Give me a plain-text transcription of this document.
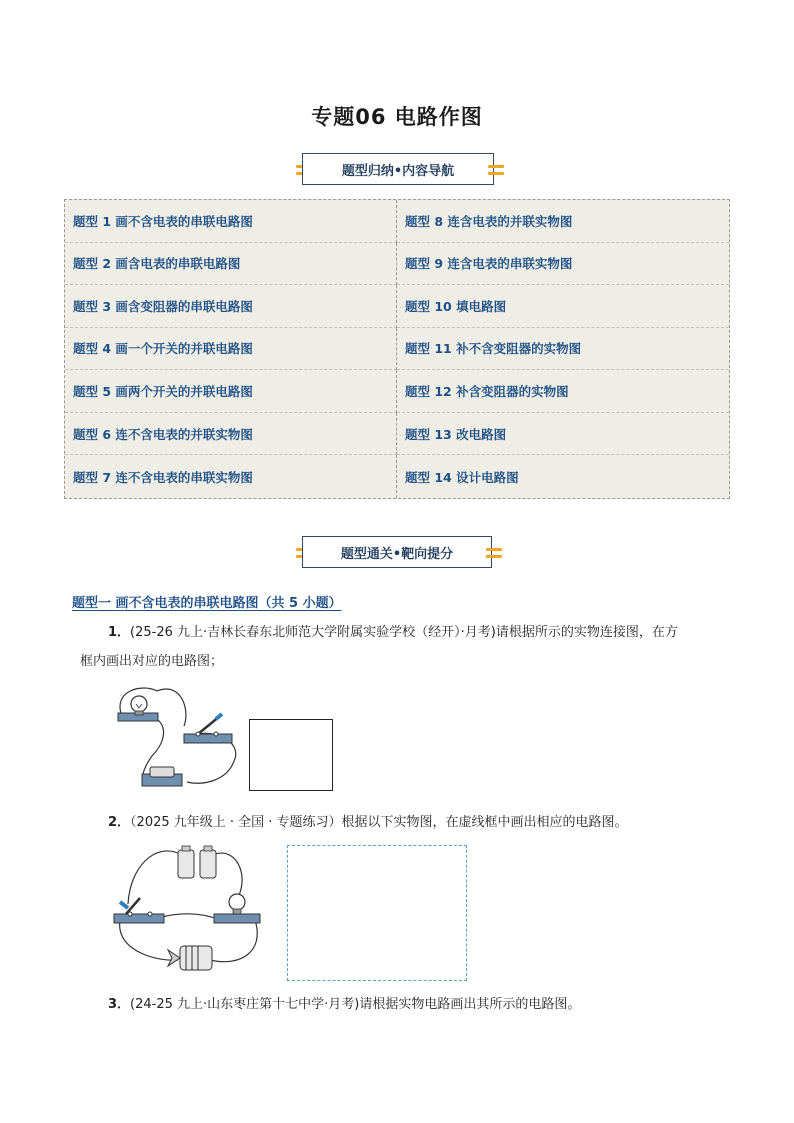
专题06 电路作图
题型归纳•内容导航
题型 1 画不含电表的串联电路图	题型 8 连含电表的并联实物图
题型 2 画含电表的串联电路图	题型 9 连含电表的串联实物图
题型 3 画含变阻器的串联电路图	题型 10 填电路图
题型 4 画一个开关的并联电路图	题型 11 补不含变阻器的实物图
题型 5 画两个开关的并联电路图	题型 12 补含变阻器的实物图
题型 6 连不含电表的并联实物图	题型 13 改电路图
题型 7 连不含电表的串联实物图	题型 14 设计电路图
题型通关•靶向提分
题型一 画不含电表的串联电路图（共 5 小题）
1．(25-26 九上·吉林长春东北师范大学附属实验学校（经开）·月考)请根据所示的实物连接图，在方
框内画出对应的电路图；
2．（2025 九年级上 · 全国 · 专题练习）根据以下实物图，在虚线框中画出相应的电路图。
3．(24-25 九上·山东枣庄第十七中学·月考)请根据实物电路画出其所示的电路图。
